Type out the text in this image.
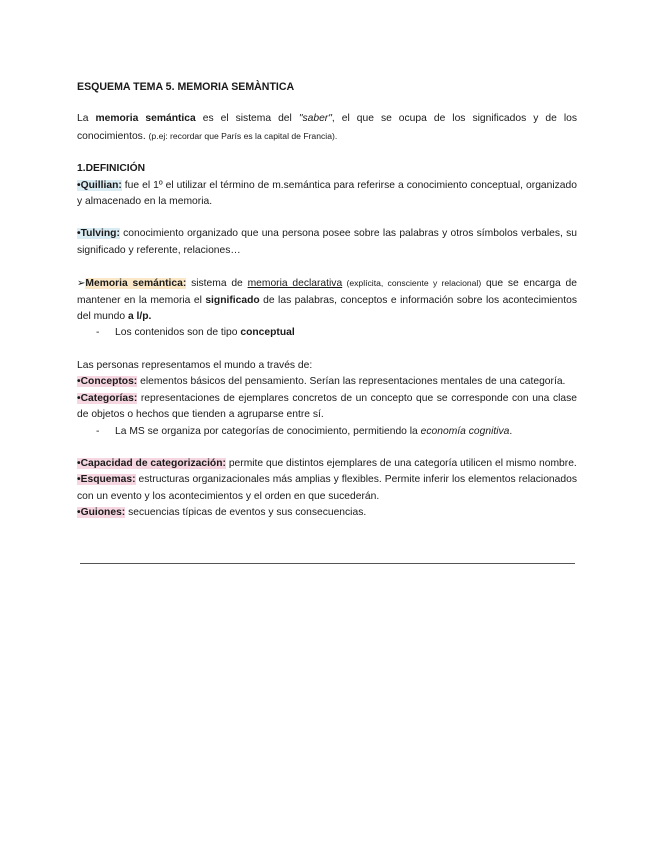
ESQUEMA TEMA 5. MEMORIA SEMÀNTICA

La memoria semántica es el sistema del "saber", el que se ocupa de los significados y de los conocimientos. (p.ej: recordar que París es la capital de Francia).

1.DEFINICIÓN

•Quillian: fue el 1º el utilizar el término de m.semántica para referirse a conocimiento conceptual, organizado y almacenado en la memoria.

•Tulving: conocimiento organizado que una persona posee sobre las palabras y otros símbolos verbales, su significado y referente, relaciones…

➢Memoria semántica: sistema de memoria declarativa (explícita, consciente y relacional) que se encarga de mantener en la memoria el significado de las palabras, conceptos e información sobre los acontecimientos del mundo a l/p.

- Los contenidos son de tipo conceptual

Las personas representamos el mundo a través de:

•Conceptos: elementos básicos del pensamiento. Serían las representaciones mentales de una categoría.

•Categorías: representaciones de ejemplares concretos de un concepto que se corresponde con una clase de objetos o hechos que tienden a agruparse entre sí.

- La MS se organiza por categorías de conocimiento, permitiendo la economía cognitiva.

•Capacidad de categorización: permite que distintos ejemplares de una categoría utilicen el mismo nombre.

•Esquemas: estructuras organizacionales más amplias y flexibles. Permite inferir los elementos relacionados con un evento y los acontecimientos y el orden en que sucederán.

•Guiones: secuencias típicas de eventos y sus consecuencias.
